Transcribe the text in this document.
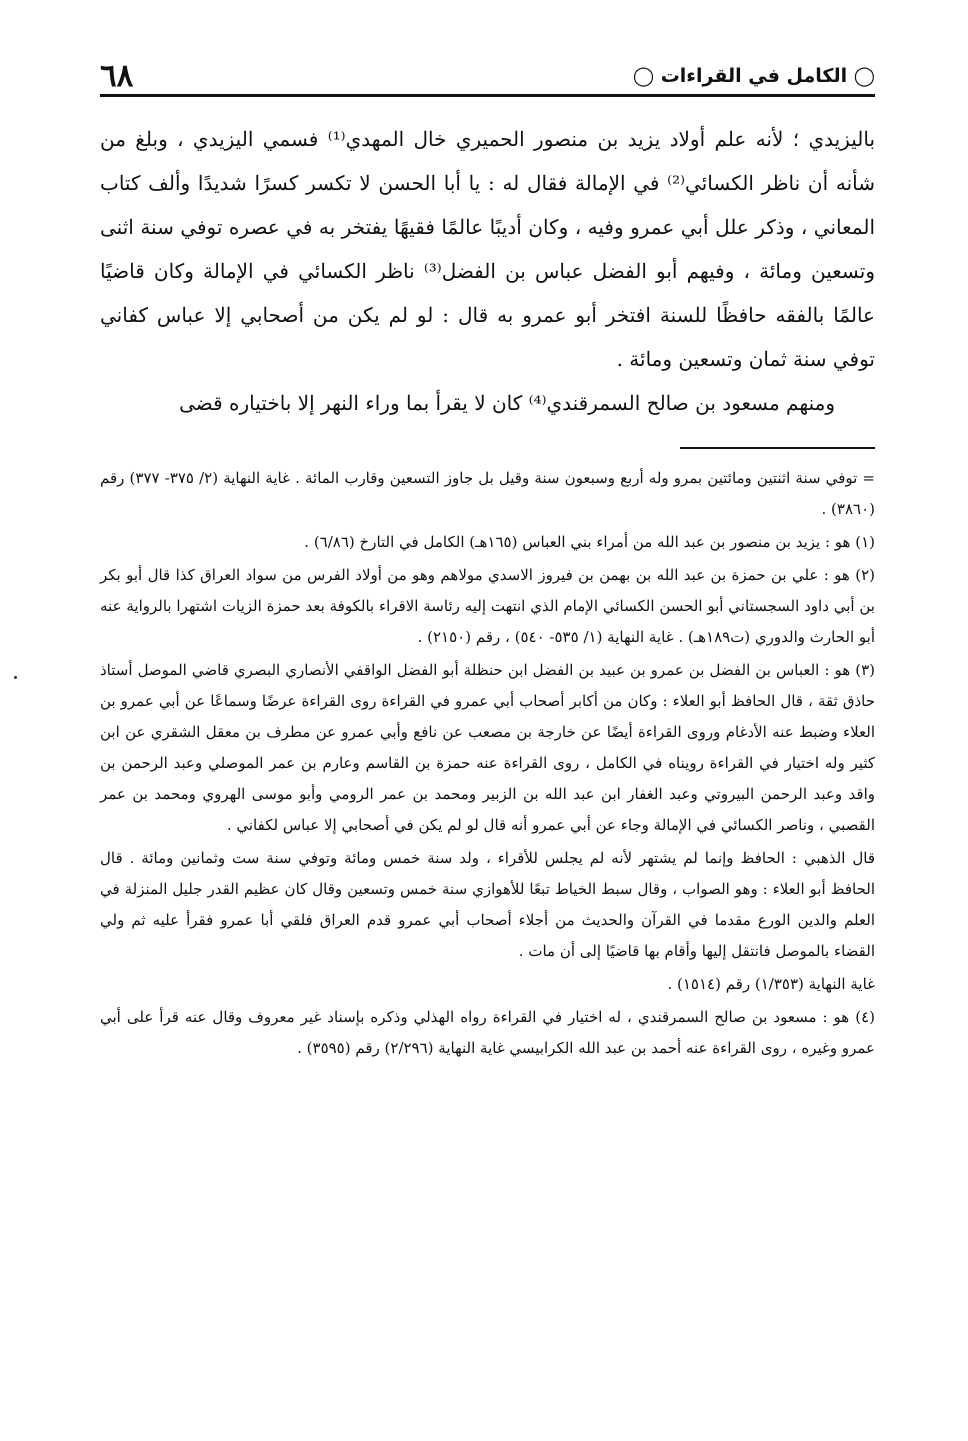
◯ الكامل في القراءات ◯
٦٨

باليزيدي ؛ لأنه علم أولاد يزيد بن منصور الحميري خال المهدي⁽¹⁾ فسمي اليزيدي ، وبلغ من شأنه أن ناظر الكسائي⁽²⁾ في الإمالة فقال له : يا أبا الحسن لا تكسر كسرًا شديدًا وألف كتاب المعاني ، وذكر علل أبي عمرو وفيه ، وكان أديبًا عالمًا فقيهًا يفتخر به في عصره توفي سنة اثنى وتسعين ومائة ، وفيهم أبو الفضل عباس بن الفضل⁽³⁾ ناظر الكسائي في الإمالة وكان قاضيًا عالمًا بالفقه حافظًا للسنة افتخر أبو عمرو به قال : لو لم يكن من أصحابي إلا عباس كفاني توفي سنة ثمان وتسعين ومائة .

ومنهم مسعود بن صالح السمرقندي⁽⁴⁾ كان لا يقرأ بما وراء النهر إلا باختياره قضى

= توفي سنة اثنتين ومائتين بمرو وله أربع وسبعون سنة وقيل بل جاوز التسعين وقارب المائة . غاية النهاية (٢/ ٣٧٥- ٣٧٧) رقم (٣٨٦٠) .

(١) هو : يزيد بن منصور بن عبد الله من أمراء بني العباس (١٦٥هـ) الكامل في التارخ (٦/٨٦) .

(٢) هو : علي بن حمزة بن عبد الله بن بهمن بن فيروز الاسدي مولاهم وهو من أولاد الفرس من سواد العراق كذا قال أبو بكر بن أبي داود السجستاني أبو الحسن الكسائي الإمام الذي انتهت إليه رئاسة الاقراء بالكوفة بعد حمزة الزيات اشتهرا بالرواية عنه أبو الحارث والدوري (ت١٨٩هـ) . غاية النهاية (١/ ٥٣٥- ٥٤٠) ، رقم (٢١٥٠) .

(٣) هو : العباس بن الفضل بن عمرو بن عبيد بن الفضل ابن حنظلة أبو الفضل الواقفي الأنصاري البصري قاضي الموصل أستاذ حاذق ثقة ، قال الحافظ أبو العلاء : وكان من أكابر أصحاب أبي عمرو في القراءة روى القراءة عرضًا وسماعًا عن أبي عمرو بن العلاء وضبط عنه الأدغام وروى القراءة أيضًا عن خارجة بن مصعب عن نافع وأبي عمرو عن مطرف بن معقل الشقري عن ابن كثير وله اختيار في القراءة رويناه في الكامل ، روى القراءة عنه حمزة بن القاسم وعارم بن عمر الموصلي وعبد الرحمن بن واقد وعبد الرحمن البيروتي وعبد الغفار ابن عبد الله بن الزبير ومحمد بن عمر الرومي وأبو موسى الهروي ومحمد بن عمر القصبي ، وناصر الكسائي في الإمالة وجاء عن أبي عمرو أنه قال لو لم يكن في أصحابي إلا عباس لكفاني .

قال الذهبي : الحافظ وإنما لم يشتهر لأنه لم يجلس للأقراء ، ولد سنة خمس ومائة وتوفي سنة ست وثمانين ومائة . قال الحافظ أبو العلاء : وهو الصواب ، وقال سبط الخياط تبعًا للأهوازي سنة خمس وتسعين وقال كان عظيم القدر جليل المنزلة في العلم والدين الورع مقدما في القرآن والحديث من أجلاء أصحاب أبي عمرو قدم العراق فلقي أبا عمرو فقرأ عليه ثم ولي القضاء بالموصل فانتقل إليها وأقام بها قاضيًا إلى أن مات .

غاية النهاية (١/٣٥٣) رقم (١٥١٤) .

(٤) هو : مسعود بن صالح السمرقندي ، له اختيار في القراءة رواه الهذلي وذكره بإسناد غير معروف وقال عنه قرأ على أبي عمرو وغيره ، روى القراءة عنه أحمد بن عبد الله الكرابيسي غاية النهاية (٢/٢٩٦) رقم (٣٥٩٥) .
